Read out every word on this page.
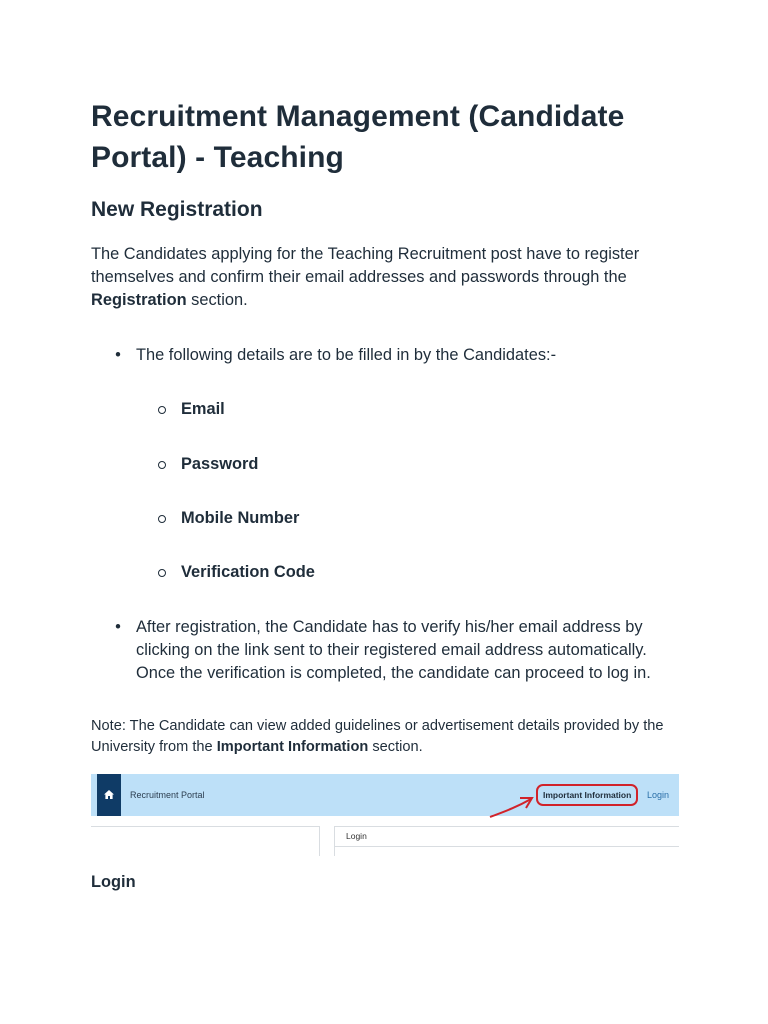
Recruitment Management (Candidate Portal) - Teaching
New Registration

The Candidates applying for the Teaching Recruitment post have to register themselves and confirm their email addresses and passwords through the Registration section.

• The following details are to be filled in by the Candidates:-
Email
Password
Mobile Number
Verification Code
• After registration, the Candidate has to verify his/her email address by clicking on the link sent to their registered email address automatically. Once the verification is completed, the candidate can proceed to log in.

Note: The Candidate can view added guidelines or advertisement details provided by the University from the Important Information section.

Recruitment Portal	Important Information Login
Login
Login
